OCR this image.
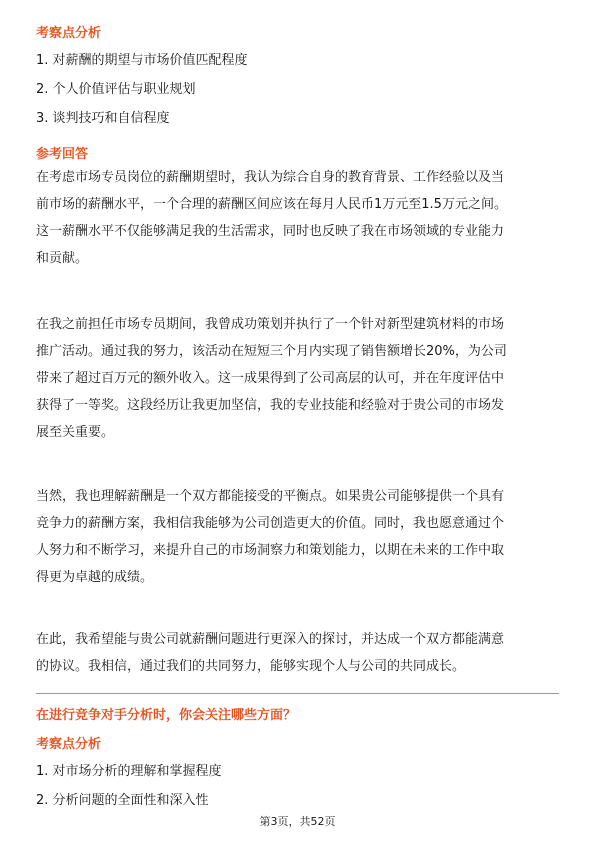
考察点分析
1. 对薪酬的期望与市场价值匹配程度
2. 个人价值评估与职业规划
3. 谈判技巧和自信程度
参考回答
在考虑市场专员岗位的薪酬期望时，我认为综合自身的教育背景、工作经验以及当
前市场的薪酬水平，一个合理的薪酬区间应该在每月人民币1万元至1.5万元之间。
这一薪酬水平不仅能够满足我的生活需求，同时也反映了我在市场领域的专业能力
和贡献。
在我之前担任市场专员期间，我曾成功策划并执行了一个针对新型建筑材料的市场
推广活动。通过我的努力，该活动在短短三个月内实现了销售额增长20%，为公司
带来了超过百万元的额外收入。这一成果得到了公司高层的认可，并在年度评估中
获得了一等奖。这段经历让我更加坚信，我的专业技能和经验对于贵公司的市场发
展至关重要。
当然，我也理解薪酬是一个双方都能接受的平衡点。如果贵公司能够提供一个具有
竞争力的薪酬方案，我相信我能够为公司创造更大的价值。同时，我也愿意通过个
人努力和不断学习，来提升自己的市场洞察力和策划能力，以期在未来的工作中取
得更为卓越的成绩。
在此，我希望能与贵公司就薪酬问题进行更深入的探讨，并达成一个双方都能满意
的协议。我相信，通过我们的共同努力，能够实现个人与公司的共同成长。
在进行竞争对手分析时，你会关注哪些方面？
考察点分析
1. 对市场分析的理解和掌握程度
2. 分析问题的全面性和深入性
第3页，共52页
